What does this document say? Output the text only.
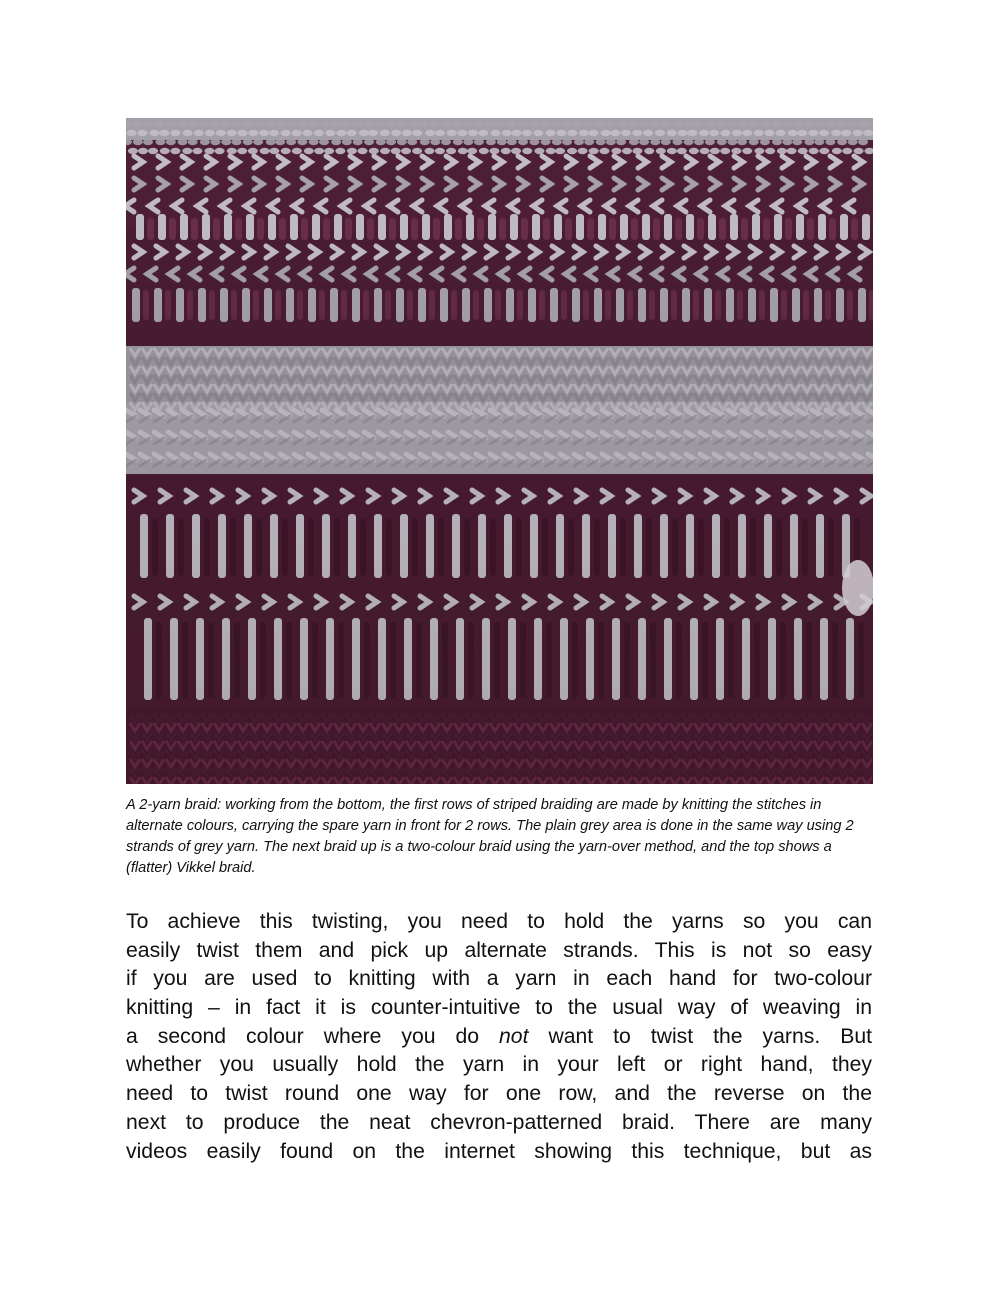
A 2-yarn braid: working from the bottom, the first rows of striped braiding are made by knitting the stitches in alternate colours, carrying the spare yarn in front for 2 rows. The plain grey area is done in the same way using 2 strands of grey yarn. The next braid up is a two-colour braid using the yarn-over method, and the top shows a (flatter) Vikkel braid.

To achieve this twisting, you need to hold the yarns so you can
easily twist them and pick up alternate strands. This is not so easy
if you are used to knitting with a yarn in each hand for two-colour
knitting – in fact it is counter-intuitive to the usual way of weaving in
a second colour where you do not want to twist the yarns. But
whether you usually hold the yarn in your left or right hand, they
need to twist round one way for one row, and the reverse on the
next to produce the neat chevron-patterned braid. There are many
videos easily found on the internet showing this technique, but as
